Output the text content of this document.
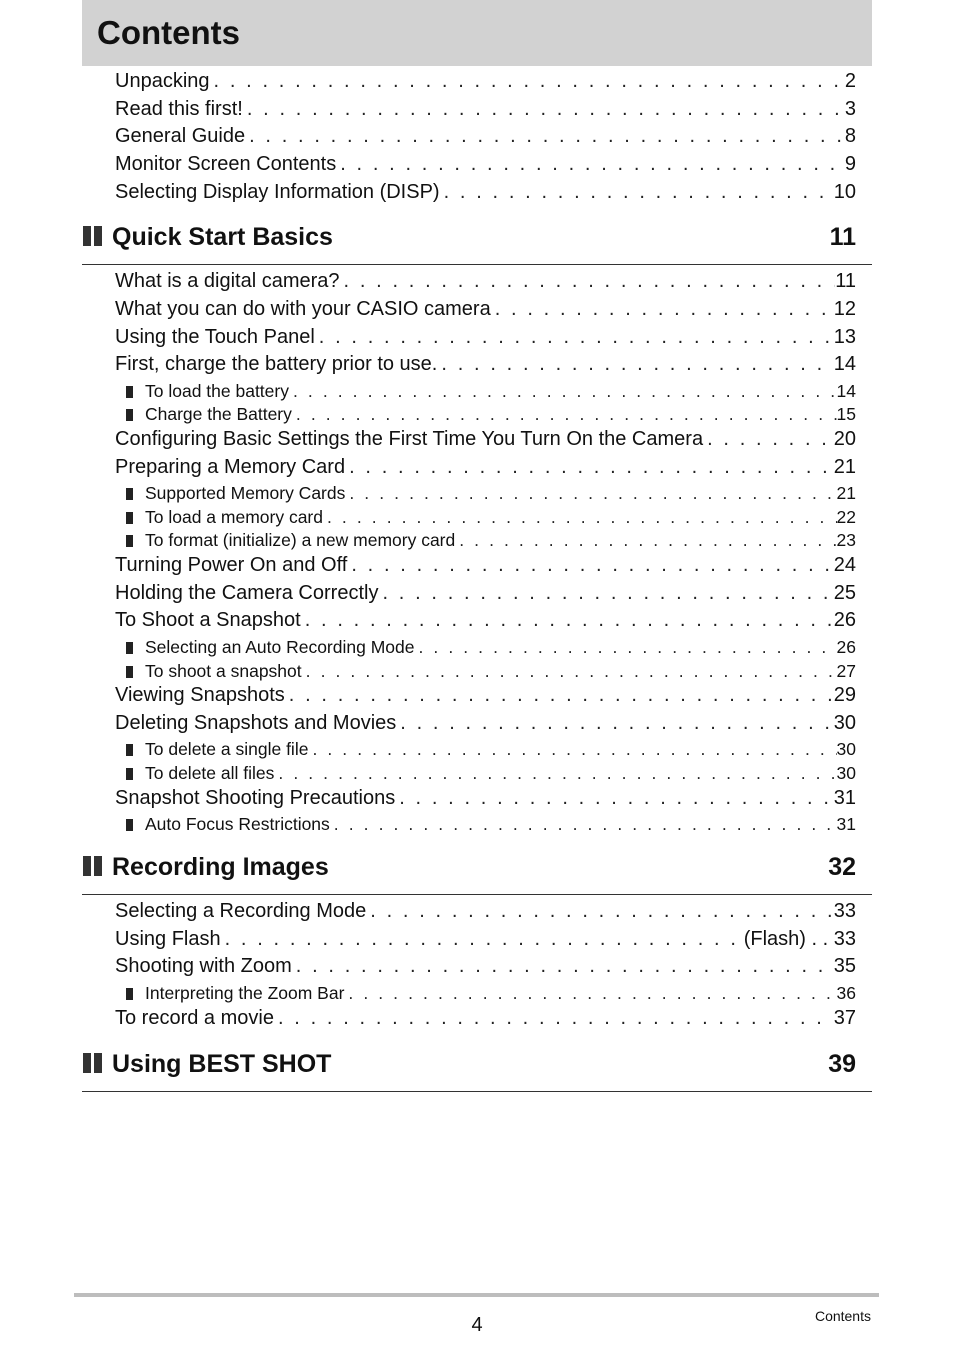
Contents
Unpacking . . .	2
Read this first! . . .	3
General Guide . . .	8
Monitor Screen Contents . . .	9
Selecting Display Information (DISP) . . .	10
Quick Start Basics	11
What is a digital camera? . . .	11
What you can do with your CASIO camera . . .	12
Using the Touch Panel . . .	13
First, charge the battery prior to use. . . .	14
To load the battery . . .	14
Charge the Battery . . .	15
Configuring Basic Settings the First Time You Turn On the Camera . . .	20
Preparing a Memory Card . . .	21
Supported Memory Cards . . .	21
To load a memory card . . .	22
To format (initialize) a new memory card . . .	23
Turning Power On and Off . . .	24
Holding the Camera Correctly . . .	25
To Shoot a Snapshot . . .	26
Selecting an Auto Recording Mode . . .	26
To shoot a snapshot . . .	27
Viewing Snapshots . . .	29
Deleting Snapshots and Movies . . .	30
To delete a single file . . .	30
To delete all files . . .	30
Snapshot Shooting Precautions . . .	31
Auto Focus Restrictions . . .	31
Recording Images	32
Selecting a Recording Mode . . .	33
Using Flash . . .	(Flash) . . 33
Shooting with Zoom . . .	35
Interpreting the Zoom Bar . . .	36
To record a movie . . .	37
Using BEST SHOT	39
4	Contents
